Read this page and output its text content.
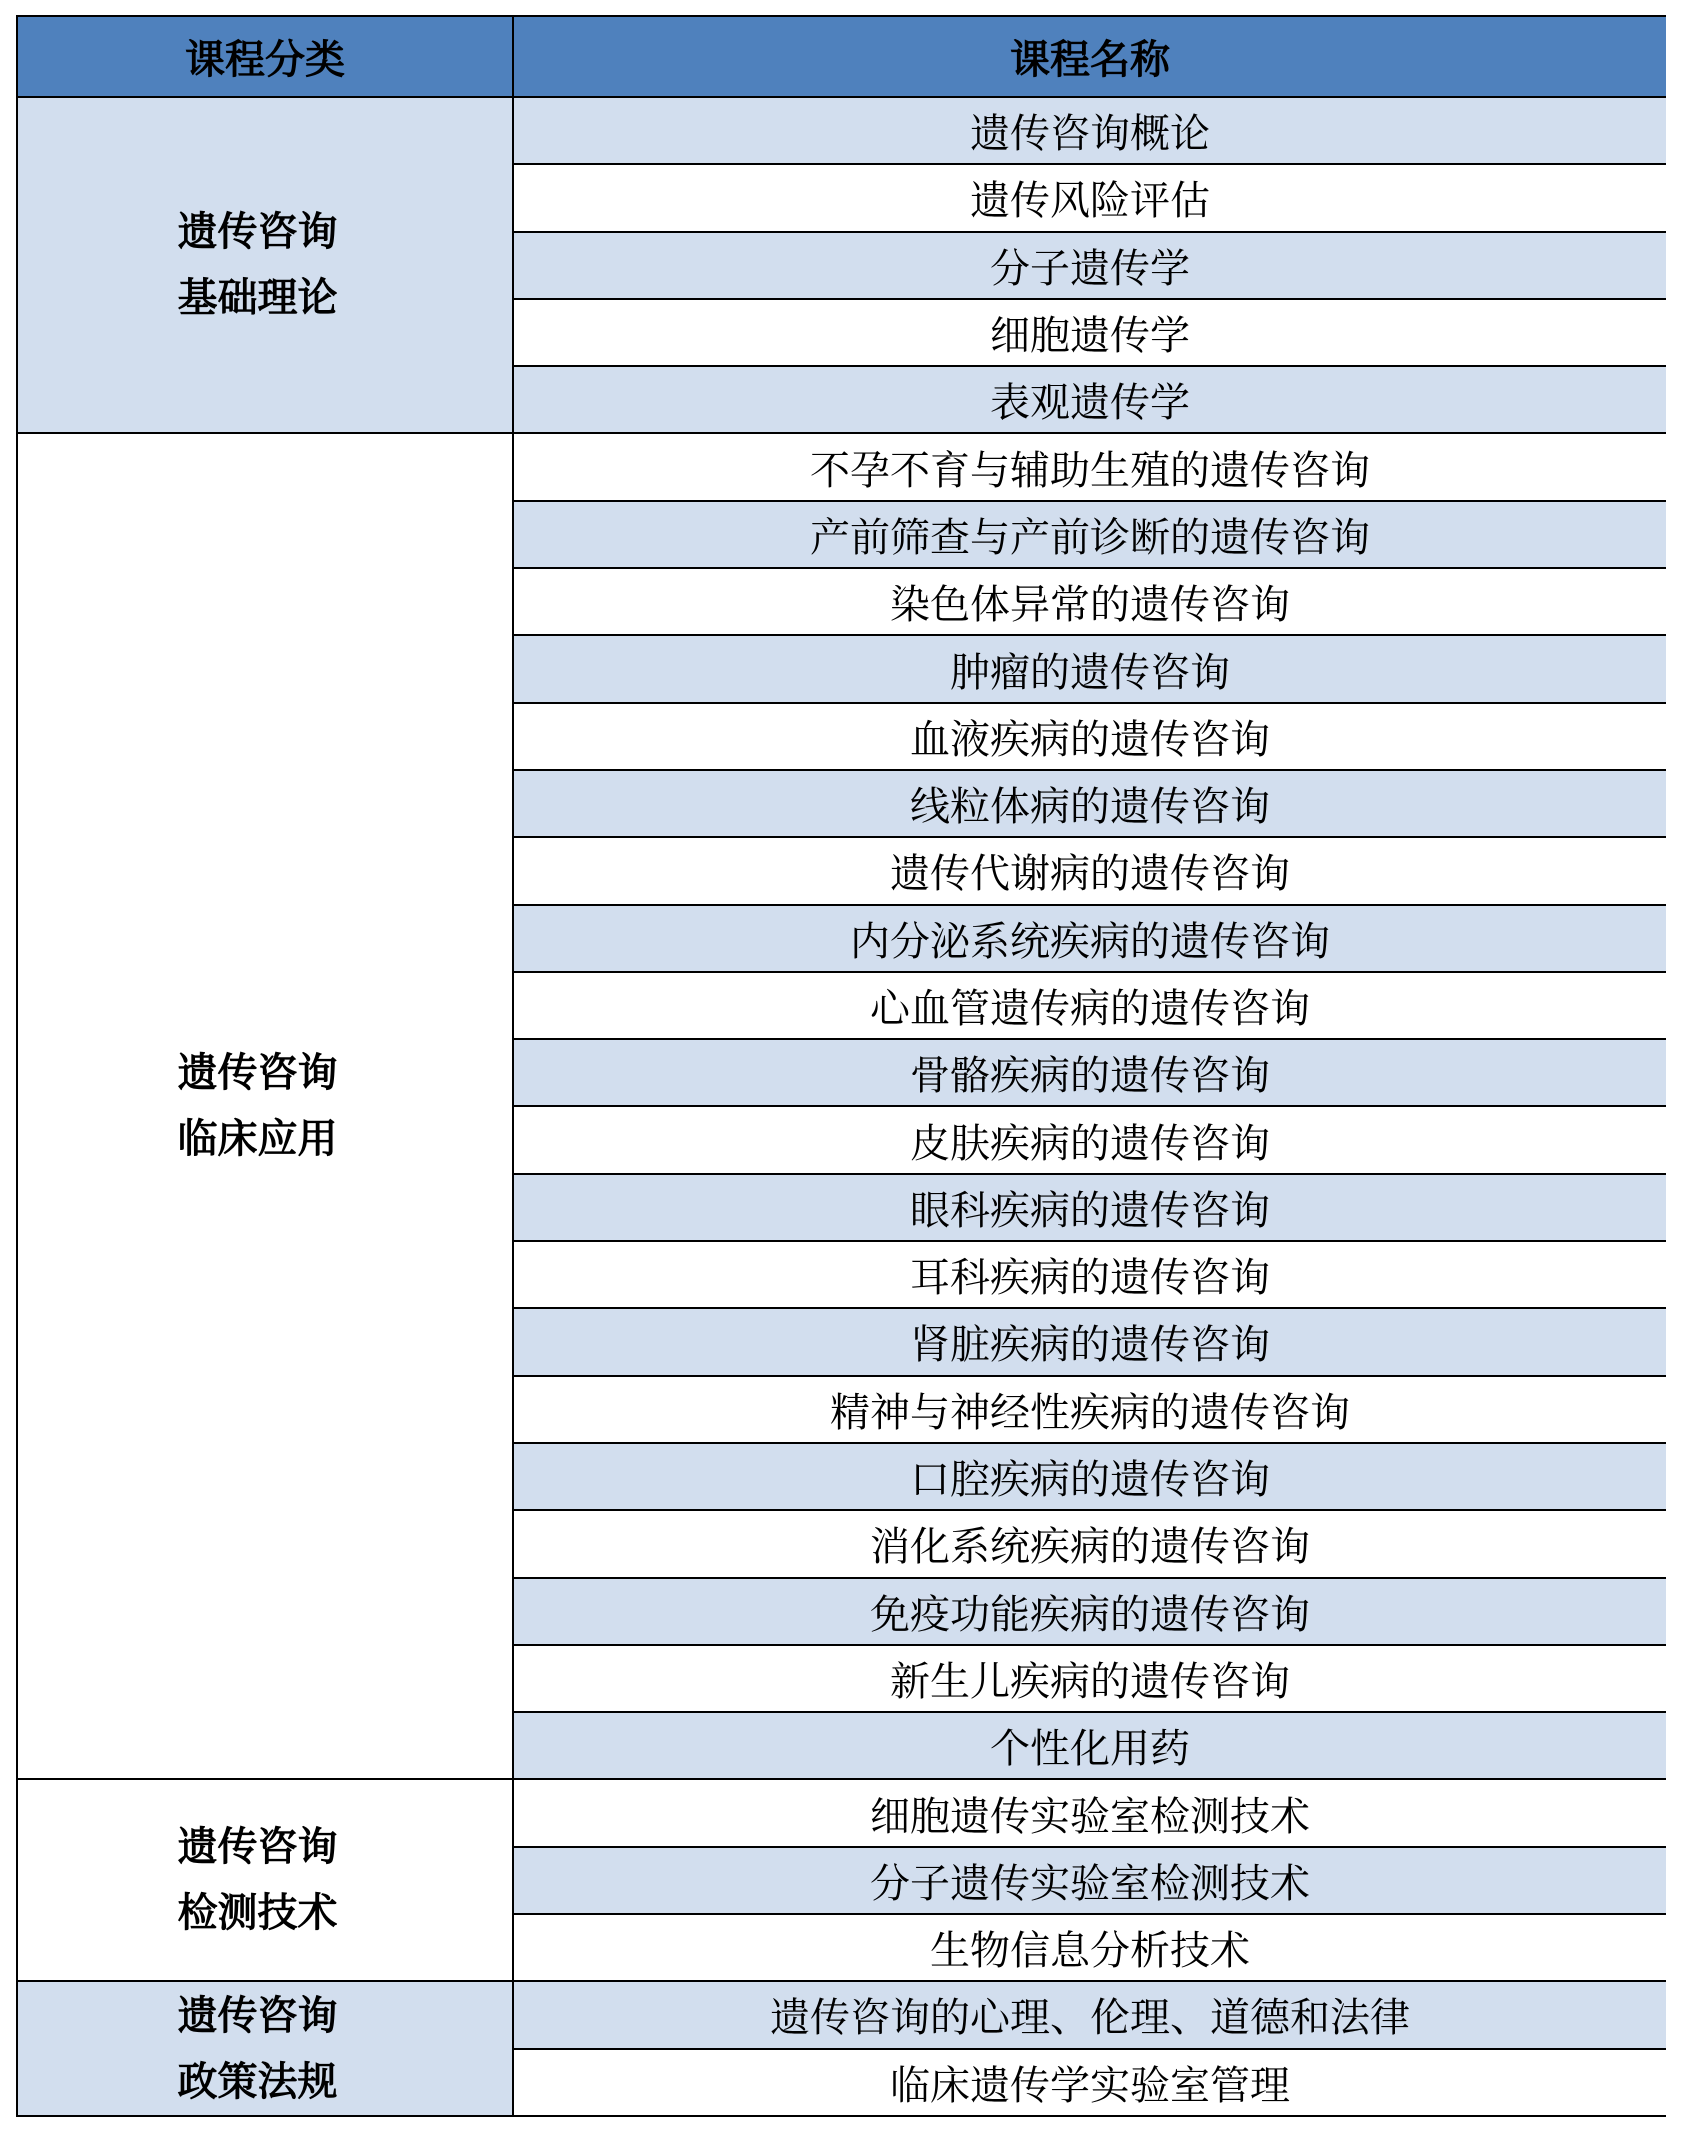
课程分类	课程名称
遗传咨询
基础理论
遗传咨询概论
遗传风险评估
分子遗传学
细胞遗传学
表观遗传学
遗传咨询
临床应用
不孕不育与辅助生殖的遗传咨询
产前筛查与产前诊断的遗传咨询
染色体异常的遗传咨询
肿瘤的遗传咨询
血液疾病的遗传咨询
线粒体病的遗传咨询
遗传代谢病的遗传咨询
内分泌系统疾病的遗传咨询
心血管遗传病的遗传咨询
骨骼疾病的遗传咨询
皮肤疾病的遗传咨询
眼科疾病的遗传咨询
耳科疾病的遗传咨询
肾脏疾病的遗传咨询
精神与神经性疾病的遗传咨询
口腔疾病的遗传咨询
消化系统疾病的遗传咨询
免疫功能疾病的遗传咨询
新生儿疾病的遗传咨询
个性化用药
遗传咨询
检测技术
细胞遗传实验室检测技术
分子遗传实验室检测技术
生物信息分析技术
遗传咨询
政策法规
遗传咨询的心理、伦理、道德和法律
临床遗传学实验室管理
